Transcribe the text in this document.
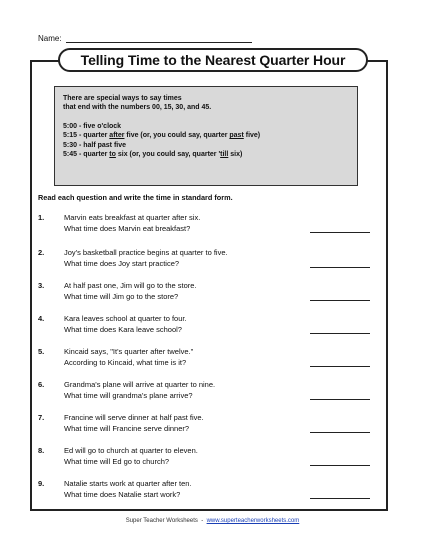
Name:
Telling Time to the Nearest Quarter Hour
There are special ways to say times
that end with the numbers 00, 15, 30, and 45.
5:00 - five o'clock
5:15 - quarter after five (or, you could say, quarter past five)
5:30 - half past five
5:45 - quarter to six (or, you could say, quarter 'till six)
Read each question and write the time in standard form.
1.	Marvin eats breakfast at quarter after six.
What time does Marvin eat breakfast?
2.	Joy's basketball practice begins at quarter to five.
What time does Joy start practice?
3.	At half past one, Jim will go to the store.
What time will Jim go to the store?
4.	Kara leaves school at quarter to four.
What time does Kara leave school?
5.	Kincaid says, "It's quarter after twelve."
According to Kincaid, what time is it?
6.	Grandma's plane will arrive at quarter to nine.
What time will grandma's plane arrive?
7.	Francine will serve dinner at half past five.
What time will Francine serve dinner?
8.	Ed will go to church at quarter to eleven.
What time will Ed go to church?
9.	Natalie starts work at quarter after ten.
What time does Natalie start work?
Super Teacher Worksheets - www.superteacherworksheets.com
